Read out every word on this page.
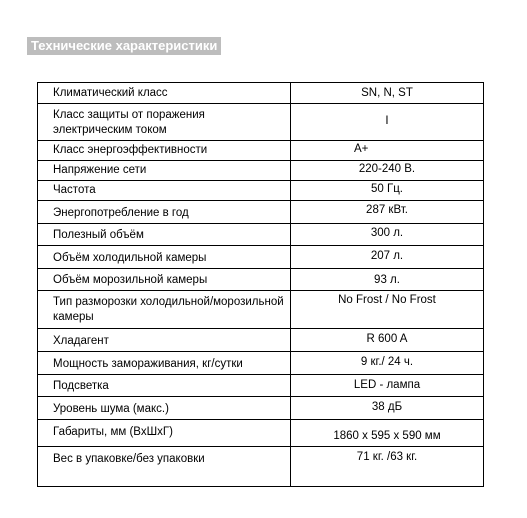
Технические характеристики
Климатический класс	SN, N, ST

Класс защиты от поражения электрическим током	I

Класс энергоэффективности	A+

Напряжение сети	220-240 В.

Частота	50 Гц.

Энергопотребление в год	287 кВт.

Полезный объём	300 л.

Объём холодильной камеры	207 л.

Объём морозильной камеры	93 л.

Тип разморозки холодильной/морозильной камеры	No Frost / No Frost

Хладагент	R 600 A

Мощность замораживания, кг/сутки	9 кг./ 24 ч.

Подсветка	LED - лампа

Уровень шума (макс.)	38 дБ

Габариты, мм (ВхШхГ)	1860 x 595 x 590 мм

Вес в упаковке/без упаковки	71 кг. /63 кг.
